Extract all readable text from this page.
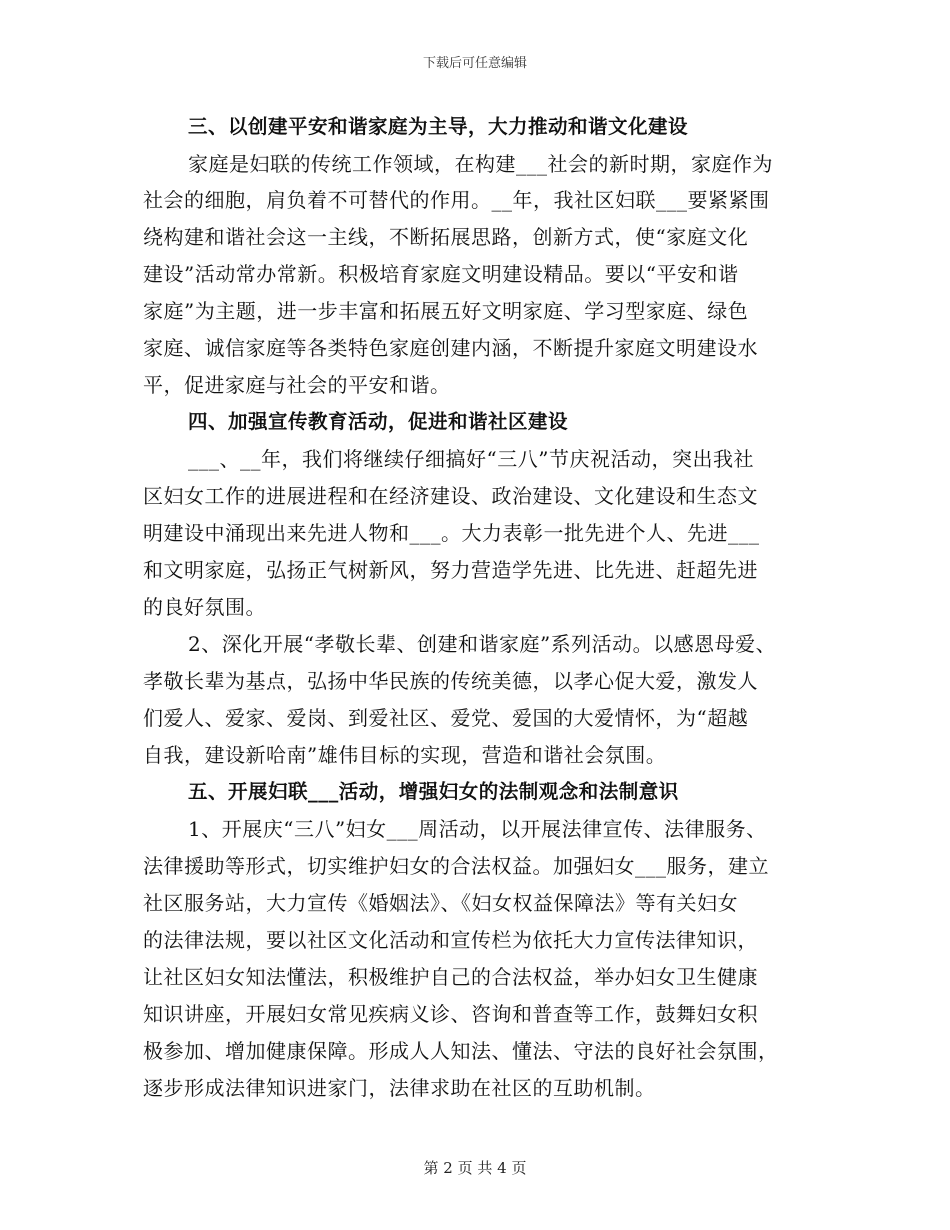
下载后可任意编辑
三、以创建平安和谐家庭为主导，大力推动和谐文化建设
家庭是妇联的传统工作领域，在构建___社会的新时期，家庭作为
社会的细胞，肩负着不可替代的作用。__年，我社区妇联___要紧紧围
绕构建和谐社会这一主线，不断拓展思路，创新方式，使“家庭文化
建设”活动常办常新。积极培育家庭文明建设精品。要以“平安和谐
家庭”为主题，进一步丰富和拓展五好文明家庭、学习型家庭、绿色
家庭、诚信家庭等各类特色家庭创建内涵，不断提升家庭文明建设水
平，促进家庭与社会的平安和谐。
四、加强宣传教育活动，促进和谐社区建设
___、__年，我们将继续仔细搞好“三八”节庆祝活动，突出我社
区妇女工作的进展进程和在经济建设、政治建设、文化建设和生态文
明建设中涌现出来先进人物和___。大力表彰一批先进个人、先进___
和文明家庭，弘扬正气树新风，努力营造学先进、比先进、赶超先进
的良好氛围。
2、深化开展“孝敬长辈、创建和谐家庭”系列活动。以感恩母爱、
孝敬长辈为基点，弘扬中华民族的传统美德，以孝心促大爱，激发人
们爱人、爱家、爱岗、到爱社区、爱党、爱国的大爱情怀，为“超越
自我，建设新哈南”雄伟目标的实现，营造和谐社会氛围。
五、开展妇联___活动，增强妇女的法制观念和法制意识
1、开展庆“三八”妇女___周活动，以开展法律宣传、法律服务、
法律援助等形式，切实维护妇女的合法权益。加强妇女___服务，建立
社区服务站，大力宣传《婚姻法》、《妇女权益保障法》等有关妇女
的法律法规，要以社区文化活动和宣传栏为依托大力宣传法律知识，
让社区妇女知法懂法，积极维护自己的合法权益，举办妇女卫生健康
知识讲座，开展妇女常见疾病义诊、咨询和普查等工作，鼓舞妇女积
极参加、增加健康保障。形成人人知法、懂法、守法的良好社会氛围，
逐步形成法律知识进家门，法律求助在社区的互助机制。
第 2 页 共 4 页
